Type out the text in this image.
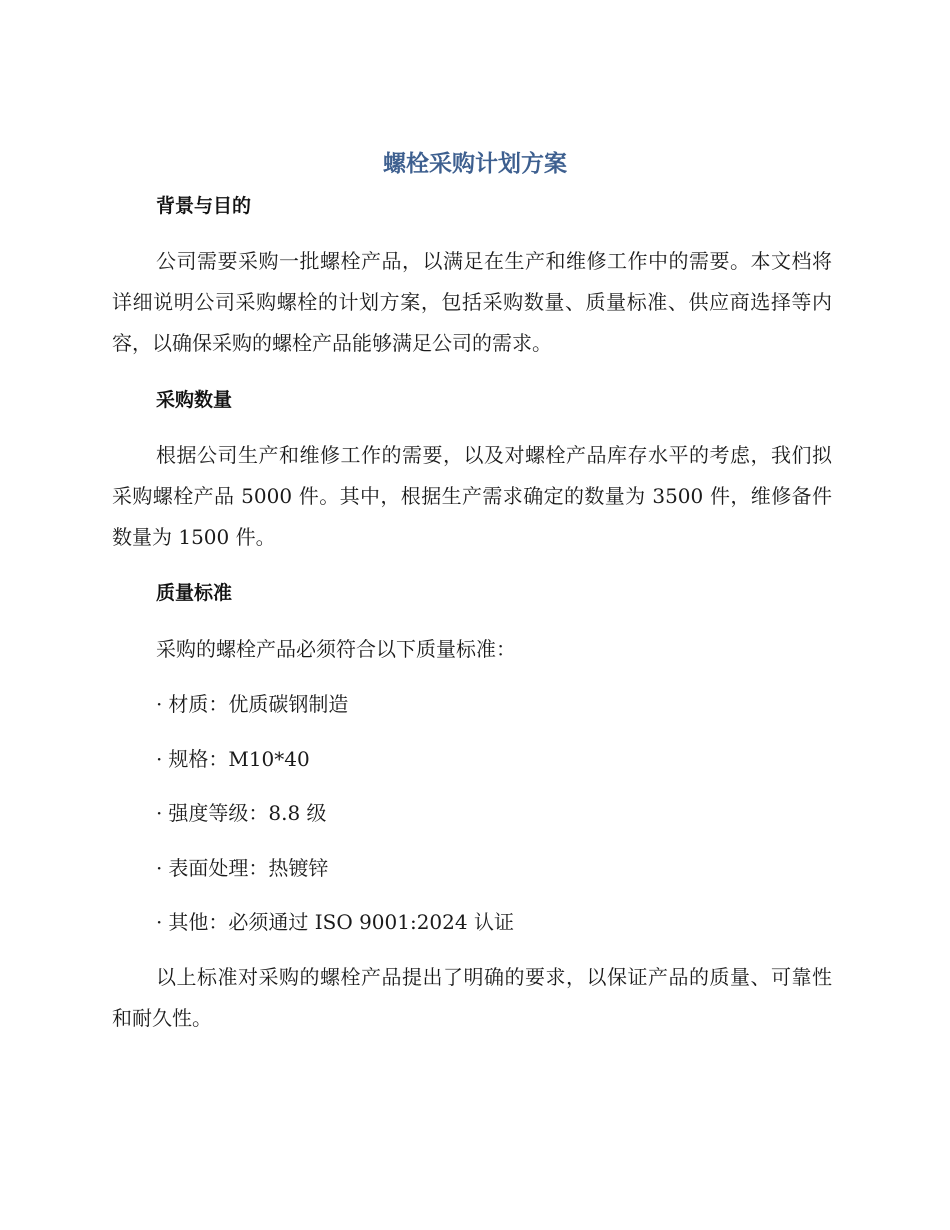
螺栓采购计划方案
背景与目的
公司需要采购一批螺栓产品，以满足在生产和维修工作中的需要。本文档将详细说明公司采购螺栓的计划方案，包括采购数量、质量标准、供应商选择等内容，以确保采购的螺栓产品能够满足公司的需求。
采购数量
根据公司生产和维修工作的需要，以及对螺栓产品库存水平的考虑，我们拟采购螺栓产品 5000 件。其中，根据生产需求确定的数量为 3500 件，维修备件数量为 1500 件。
质量标准
采购的螺栓产品必须符合以下质量标准：
· 材质：优质碳钢制造
· 规格：M10*40
· 强度等级：8.8 级
· 表面处理：热镀锌
· 其他：必须通过 ISO 9001:2024 认证
以上标准对采购的螺栓产品提出了明确的要求，以保证产品的质量、可靠性和耐久性。
